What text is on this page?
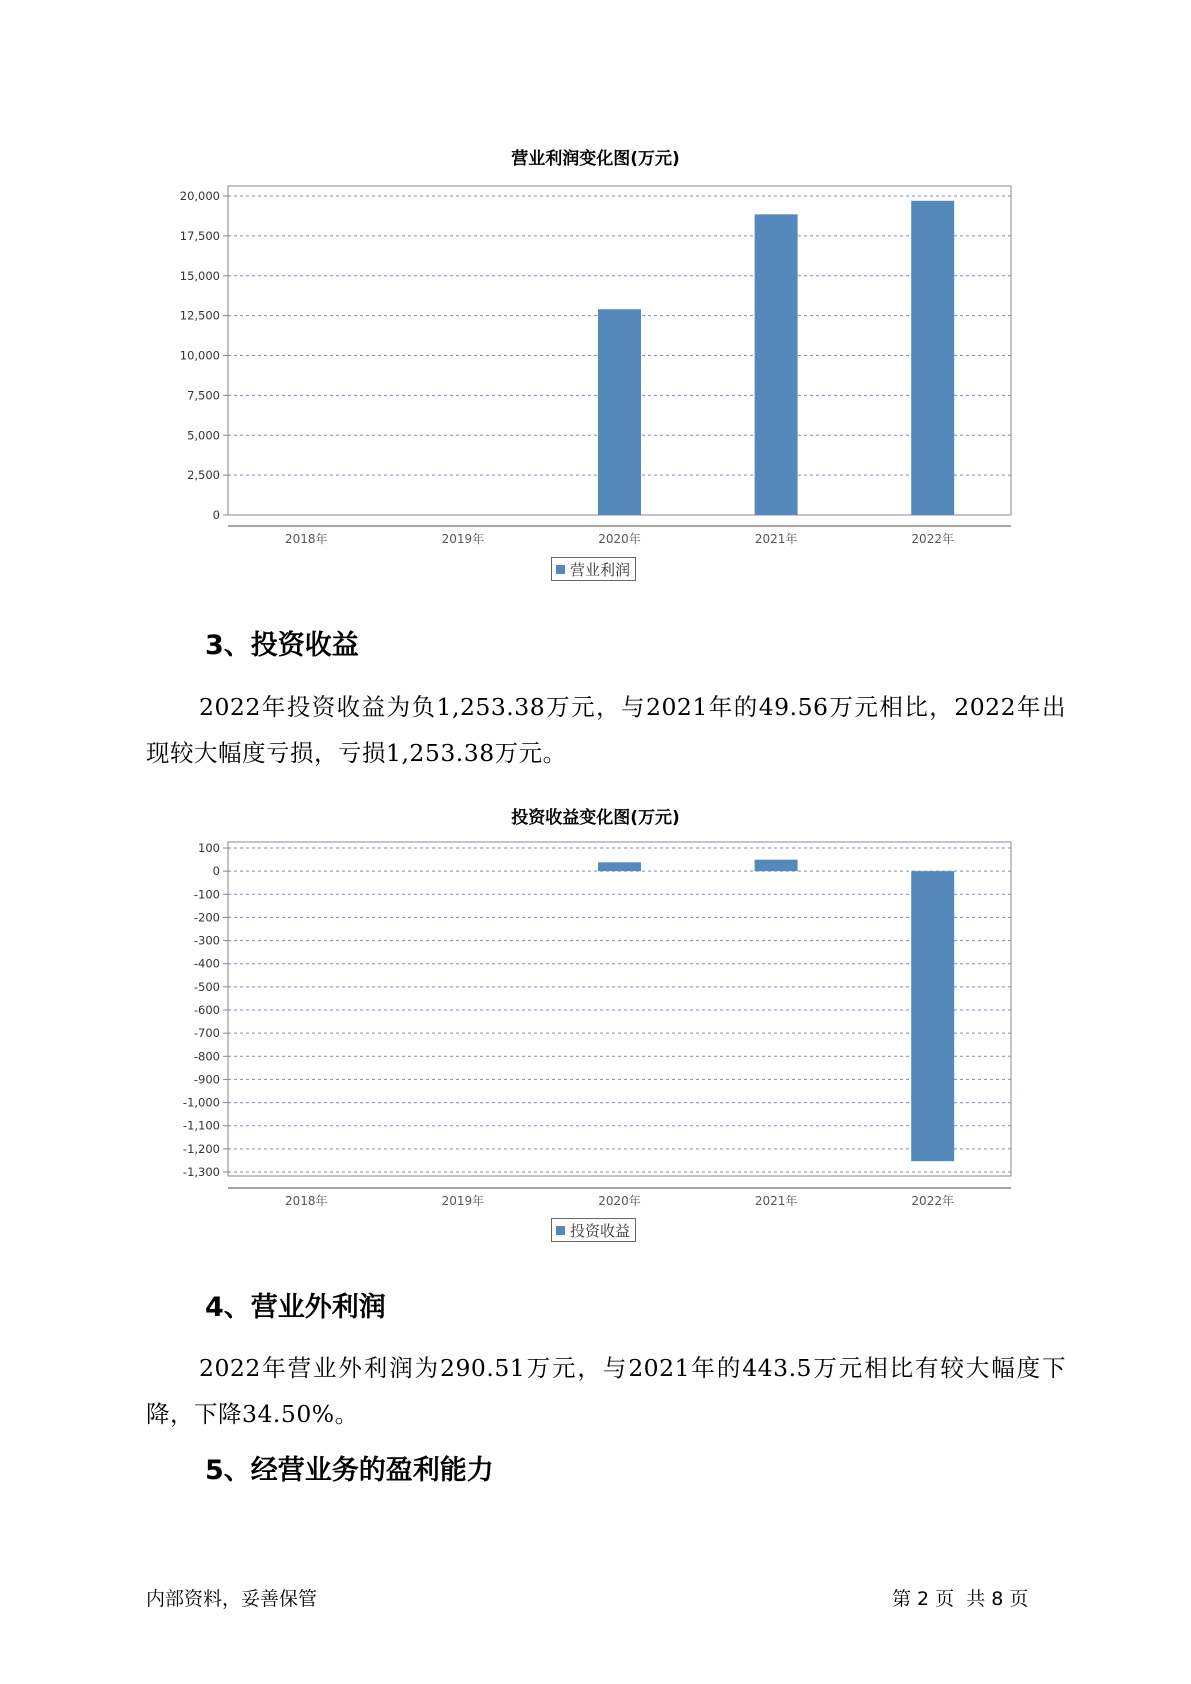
营业利润变化图(万元)
0
2,500
5,000
7,500
10,000
12,500
15,000
17,500
20,000
2018年	2019年	2020年	2021年	2022年
营业利润
3、投资收益

2022年投资收益为负1,253.38万元，与2021年的49.56万元相比，2022年出现较大幅度亏损，亏损1,253.38万元。

投资收益变化图(万元)
100
0
-100
-200
-300
-400
-500
-600
-700
-800
-900
-1,000
-1,100
-1,200
-1,300
2018年	2019年	2020年	2021年	2022年
投资收益
4、营业外利润

2022年营业外利润为290.51万元，与2021年的443.5万元相比有较大幅度下降，下降34.50%。

5、经营业务的盈利能力
内部资料，妥善保管	第 2 页  共 8 页
